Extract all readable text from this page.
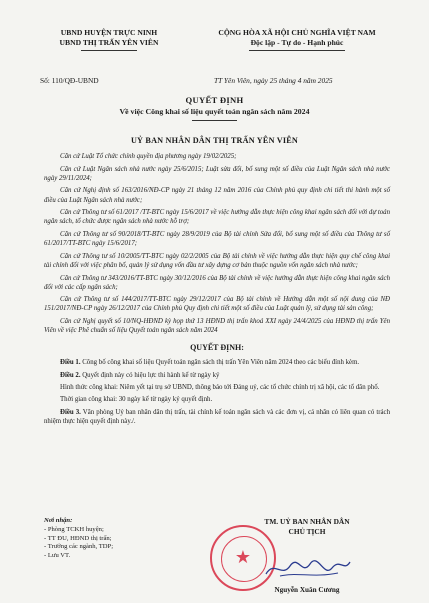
UBND HUYỆN TRỰC NINH
UBND THỊ TRẤN YÊN VIÊN
CỘNG HÒA XÃ HỘI CHỦ NGHĨA VIỆT NAM
Độc lập - Tự do - Hạnh phúc
Số: 110/QĐ-UBND	TT Yên Viên, ngày 25 tháng 4 năm 2025
QUYẾT ĐỊNH
Về việc Công khai số liệu quyết toán ngân sách năm 2024
UỶ BAN NHÂN DÂN THỊ TRẤN YÊN VIÊN

Căn cứ Luật Tổ chức chính quyền địa phương ngày 19/02/2025;

Căn cứ Luật Ngân sách nhà nước ngày 25/6/2015; Luật sửa đổi, bổ sung một số điều của Luật Ngân sách nhà nước ngày 29/11/2024;

Căn cứ Nghị định số 163/2016/NĐ-CP ngày 21 tháng 12 năm 2016 của Chính phủ quy định chi tiết thi hành một số điều của Luật Ngân sách nhà nước;

Căn cứ Thông tư số 61/2017 /TT-BTC ngày 15/6/2017 về việc hướng dẫn thực hiện công khai ngân sách đối với dự toán ngân sách, tổ chức được ngân sách nhà nước hỗ trợ;

Căn cứ Thông tư số 90/2018/TT-BTC ngày 28/9/2019 của Bộ tài chính Sửa đổi, bổ sung một số điều của Thông tư số 61/2017/TT-BTC ngày 15/6/2017;

Căn cứ Thông tư số 10/2005/TT-BTC ngày 02/2/2005 của Bộ tài chính về việc hướng dẫn thực hiện quy chế công khai tài chính đối với việc phân bổ, quản lý sử dụng vốn đầu tư xây dựng cơ bản thuộc nguồn vốn ngân sách nhà nước;

Căn cứ Thông tư 343/2016/TT-BTC ngày 30/12/2016 của Bộ tài chính về việc hướng dẫn thực hiện công khai ngân sách đối với các cấp ngân sách;

Căn cứ Thông tư số 144/2017/TT-BTC ngày 29/12/2017 của Bộ tài chính về Hướng dẫn một số nội dung của NĐ 151/2017/NĐ-CP ngày 26/12/2017 của Chính phủ Quy định chi tiết một số điều của Luật quản lý, sử dụng tài sản công;

Căn cứ Nghị quyết số 10/NQ-HĐND kỳ họp thứ 13 HĐND thị trấn khoá XXI ngày 24/4/2025 của HĐND thị trấn Yên Viên về việc Phê chuẩn số liệu Quyết toán ngân sách năm 2024

QUYẾT ĐỊNH:

Điều 1. Công bố công khai số liệu Quyết toán ngân sách thị trấn Yên Viên năm 2024 theo các biểu đính kèm.

Điều 2. Quyết định này có hiệu lực thi hành kể từ ngày ký

Hình thức công khai: Niêm yết tại trụ sở UBND, thông báo tới Đảng uỷ, các tổ chức chính trị xã hội, các tổ dân phố.

Thời gian công khai: 30 ngày kể từ ngày ký quyết định.

Điều 3. Văn phòng Uỷ ban nhân dân thị trấn, tài chính kế toán ngân sách và các đơn vị, cá nhân có liên quan có trách nhiệm thực hiện quyết định này./.

Nơi nhận:
- Phòng TCKH huyện;
- TT ĐU, HĐND thị trấn;
- Trưởng các ngành, TDP;
- Lưu VT.
TM. UỶ BAN NHÂN DÂN
CHỦ TỊCH
★
Nguyễn Xuân Cương
